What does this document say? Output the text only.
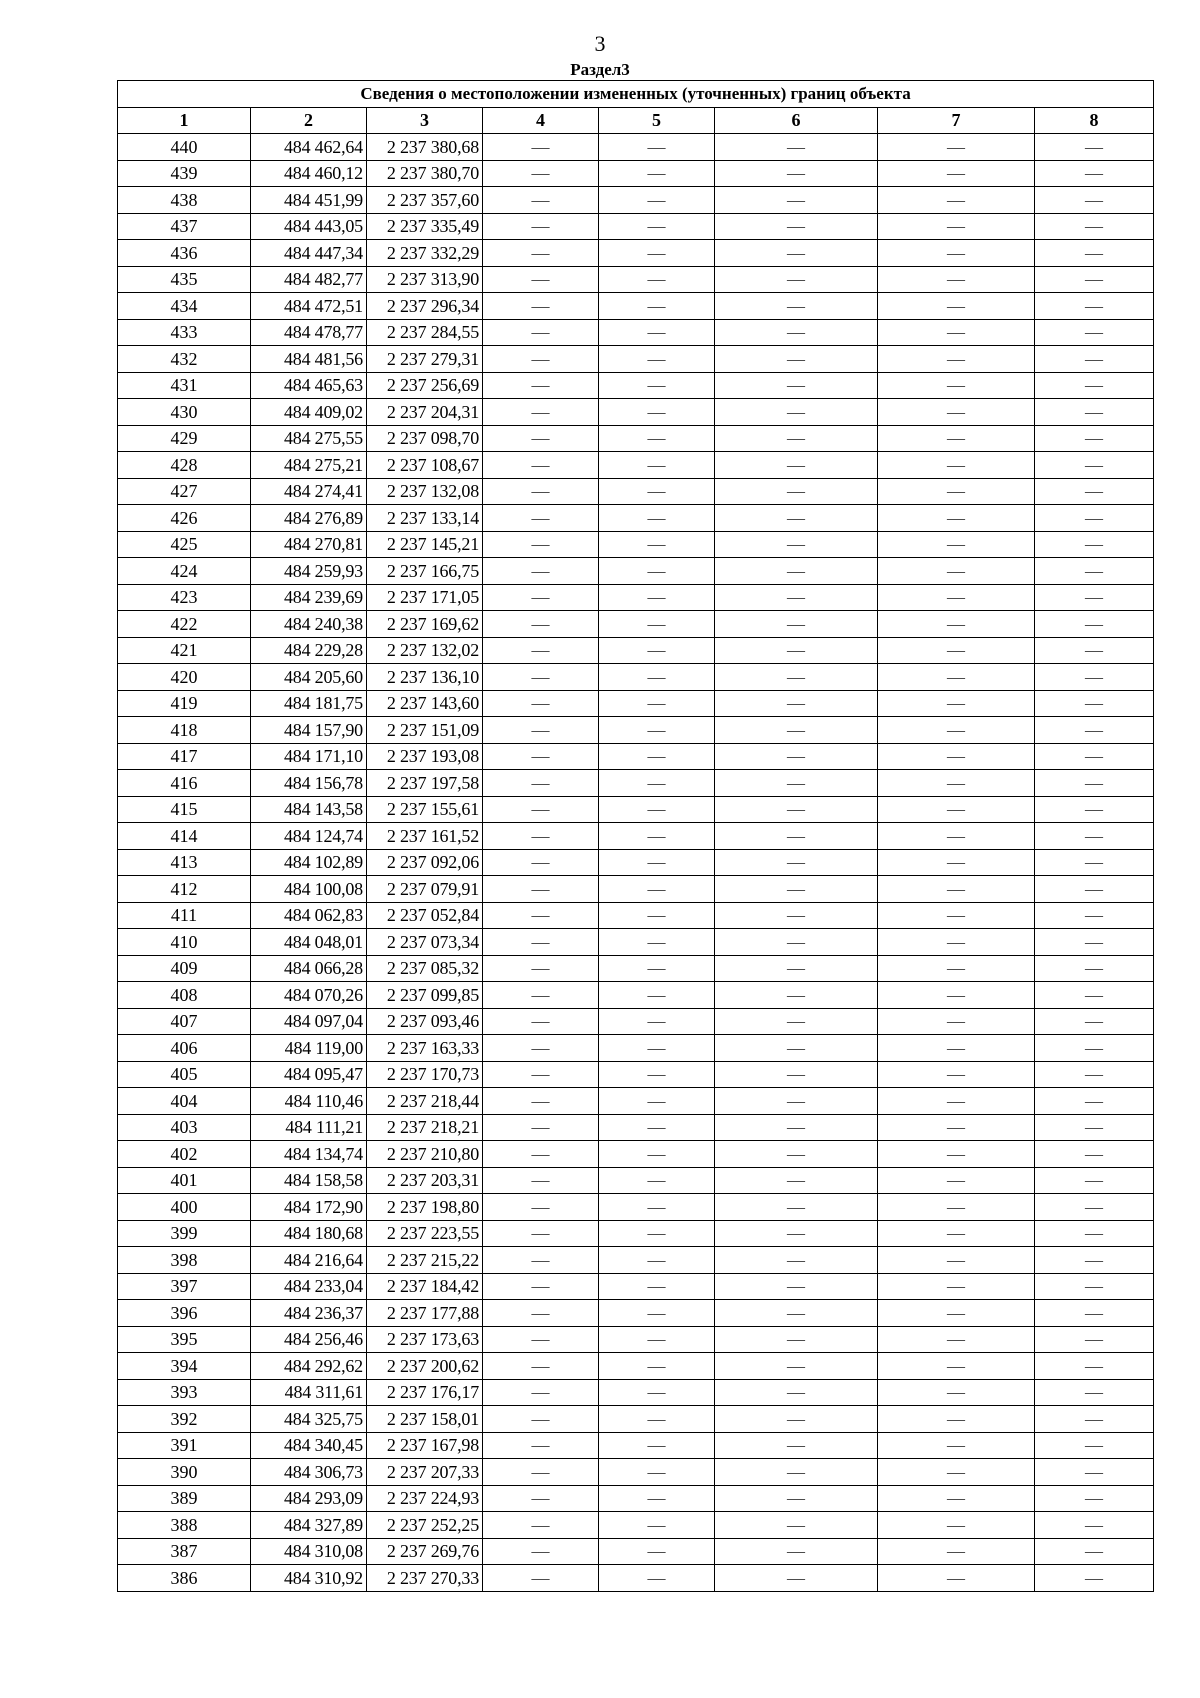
3
Раздел3
Сведения о местоположении измененных (уточненных) границ объекта							
1	2	3	4	5	6	7	8
440	484 462,64	2 237 380,68	—	—	—	—	—
439	484 460,12	2 237 380,70	—	—	—	—	—
438	484 451,99	2 237 357,60	—	—	—	—	—
437	484 443,05	2 237 335,49	—	—	—	—	—
436	484 447,34	2 237 332,29	—	—	—	—	—
435	484 482,77	2 237 313,90	—	—	—	—	—
434	484 472,51	2 237 296,34	—	—	—	—	—
433	484 478,77	2 237 284,55	—	—	—	—	—
432	484 481,56	2 237 279,31	—	—	—	—	—
431	484 465,63	2 237 256,69	—	—	—	—	—
430	484 409,02	2 237 204,31	—	—	—	—	—
429	484 275,55	2 237 098,70	—	—	—	—	—
428	484 275,21	2 237 108,67	—	—	—	—	—
427	484 274,41	2 237 132,08	—	—	—	—	—
426	484 276,89	2 237 133,14	—	—	—	—	—
425	484 270,81	2 237 145,21	—	—	—	—	—
424	484 259,93	2 237 166,75	—	—	—	—	—
423	484 239,69	2 237 171,05	—	—	—	—	—
422	484 240,38	2 237 169,62	—	—	—	—	—
421	484 229,28	2 237 132,02	—	—	—	—	—
420	484 205,60	2 237 136,10	—	—	—	—	—
419	484 181,75	2 237 143,60	—	—	—	—	—
418	484 157,90	2 237 151,09	—	—	—	—	—
417	484 171,10	2 237 193,08	—	—	—	—	—
416	484 156,78	2 237 197,58	—	—	—	—	—
415	484 143,58	2 237 155,61	—	—	—	—	—
414	484 124,74	2 237 161,52	—	—	—	—	—
413	484 102,89	2 237 092,06	—	—	—	—	—
412	484 100,08	2 237 079,91	—	—	—	—	—
411	484 062,83	2 237 052,84	—	—	—	—	—
410	484 048,01	2 237 073,34	—	—	—	—	—
409	484 066,28	2 237 085,32	—	—	—	—	—
408	484 070,26	2 237 099,85	—	—	—	—	—
407	484 097,04	2 237 093,46	—	—	—	—	—
406	484 119,00	2 237 163,33	—	—	—	—	—
405	484 095,47	2 237 170,73	—	—	—	—	—
404	484 110,46	2 237 218,44	—	—	—	—	—
403	484 111,21	2 237 218,21	—	—	—	—	—
402	484 134,74	2 237 210,80	—	—	—	—	—
401	484 158,58	2 237 203,31	—	—	—	—	—
400	484 172,90	2 237 198,80	—	—	—	—	—
399	484 180,68	2 237 223,55	—	—	—	—	—
398	484 216,64	2 237 215,22	—	—	—	—	—
397	484 233,04	2 237 184,42	—	—	—	—	—
396	484 236,37	2 237 177,88	—	—	—	—	—
395	484 256,46	2 237 173,63	—	—	—	—	—
394	484 292,62	2 237 200,62	—	—	—	—	—
393	484 311,61	2 237 176,17	—	—	—	—	—
392	484 325,75	2 237 158,01	—	—	—	—	—
391	484 340,45	2 237 167,98	—	—	—	—	—
390	484 306,73	2 237 207,33	—	—	—	—	—
389	484 293,09	2 237 224,93	—	—	—	—	—
388	484 327,89	2 237 252,25	—	—	—	—	—
387	484 310,08	2 237 269,76	—	—	—	—	—
386	484 310,92	2 237 270,33	—	—	—	—	—
